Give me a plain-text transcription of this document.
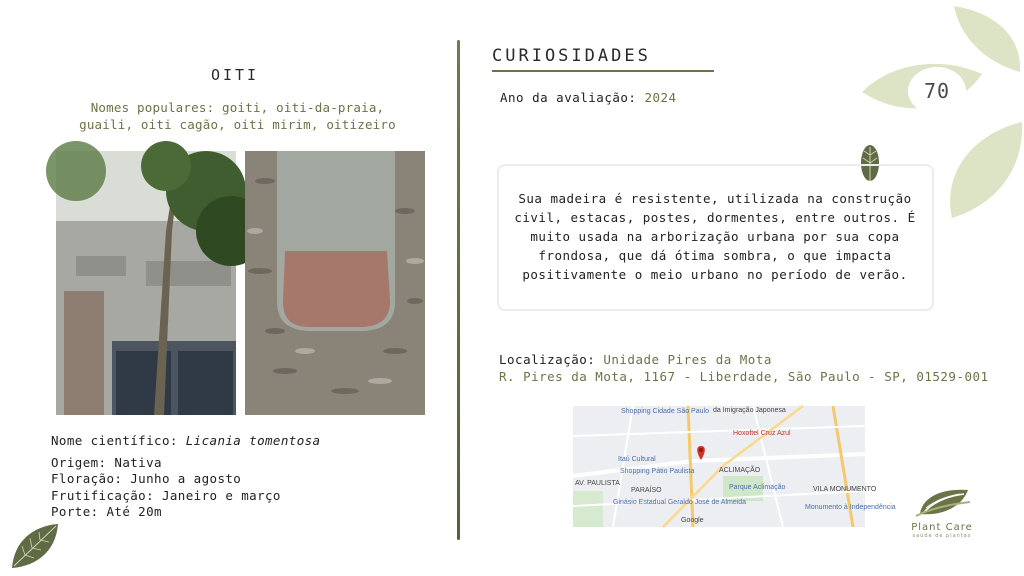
OITI
Nomes populares: goiti, oiti-da-praia, guaili, oiti cagão, oiti mirim, oitizeiro
Nome científico: Licania tomentosa
Origem: Nativa
Floração: Junho a agosto
Frutificação: Janeiro e março
Porte: Até 20m
CURIOSIDADES
Ano da avaliação: 2024	70
Sua madeira é resistente, utilizada na construção civil, estacas, postes, dormentes, entre outros. É muito usada na arborização urbana por sua copa frondosa, que dá ótima sombra, o que impacta positivamente o meio urbano no período de verão.
Localização: Unidade Pires da Mota
R. Pires da Mota, 1167 - Liberdade, São Paulo - SP, 01529-001
Shopping Cidade São Paulo da Imigração Japonesa
Itaú Cultural
Shopping Pátio Paulista
PARAÍSO
AV. PAULISTA
Ginásio Estadual Geraldo José de Almeida
Hoxoftel Cruz Azul
ACLIMAÇÃO
Parque Aclimação	VILA MONUMENTO
Monumento à Independência
Google
Plant Care
saúde de plantas
